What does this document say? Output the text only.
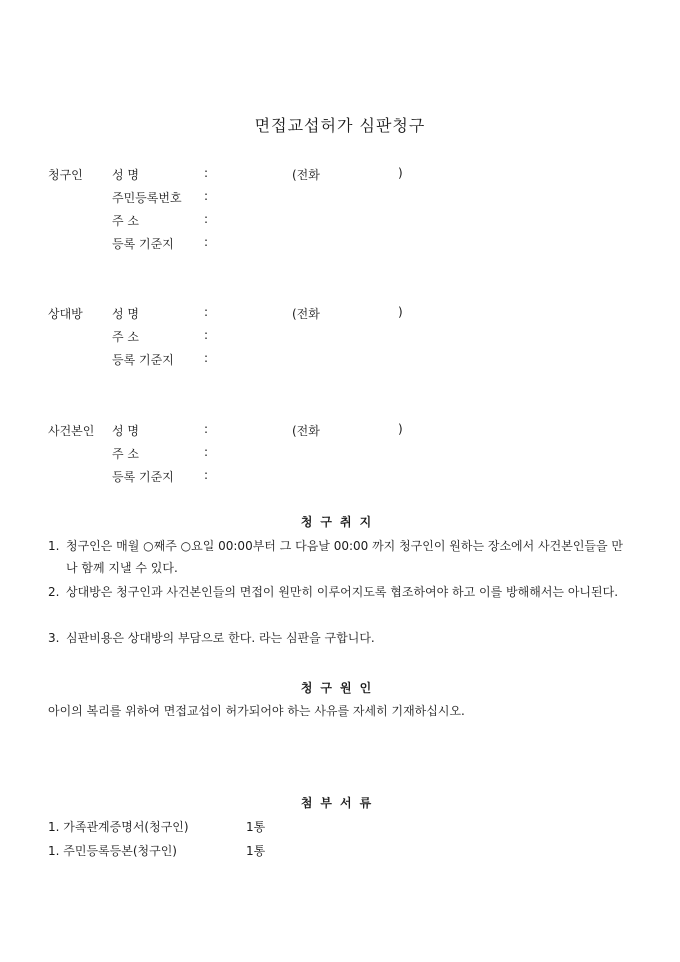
면접교섭허가 심판청구
청구인 성 명	:	(전화	)
주민등록번호	:
주 소	:
등록 기준지	:
상대방 성 명	:	(전화	)
주 소	:
등록 기준지	:
사건본인 성 명	:	(전화	)
주 소	:
등록 기준지	:
청구취지
1. 청구인은 매월 ○째주 ○요일 00:00부터 그 다음날 00:00 까지 청구인이 원하는 장소에서 사건본인들을 만나 함께 지낼 수 있다.
2. 상대방은 청구인과 사건본인들의 면접이 원만히 이루어지도록 협조하여야 하고 이를 방해해서는 아니된다.
3. 심판비용은 상대방의 부담으로 한다. 라는 심판을 구합니다.
청구원인
아이의 복리를 위하여 면접교섭이 허가되어야 하는 사유를 자세히 기재하십시오.
첨부서류
1. 가족관계증명서(청구인)	1통
1. 주민등록등본(청구인)	1통
